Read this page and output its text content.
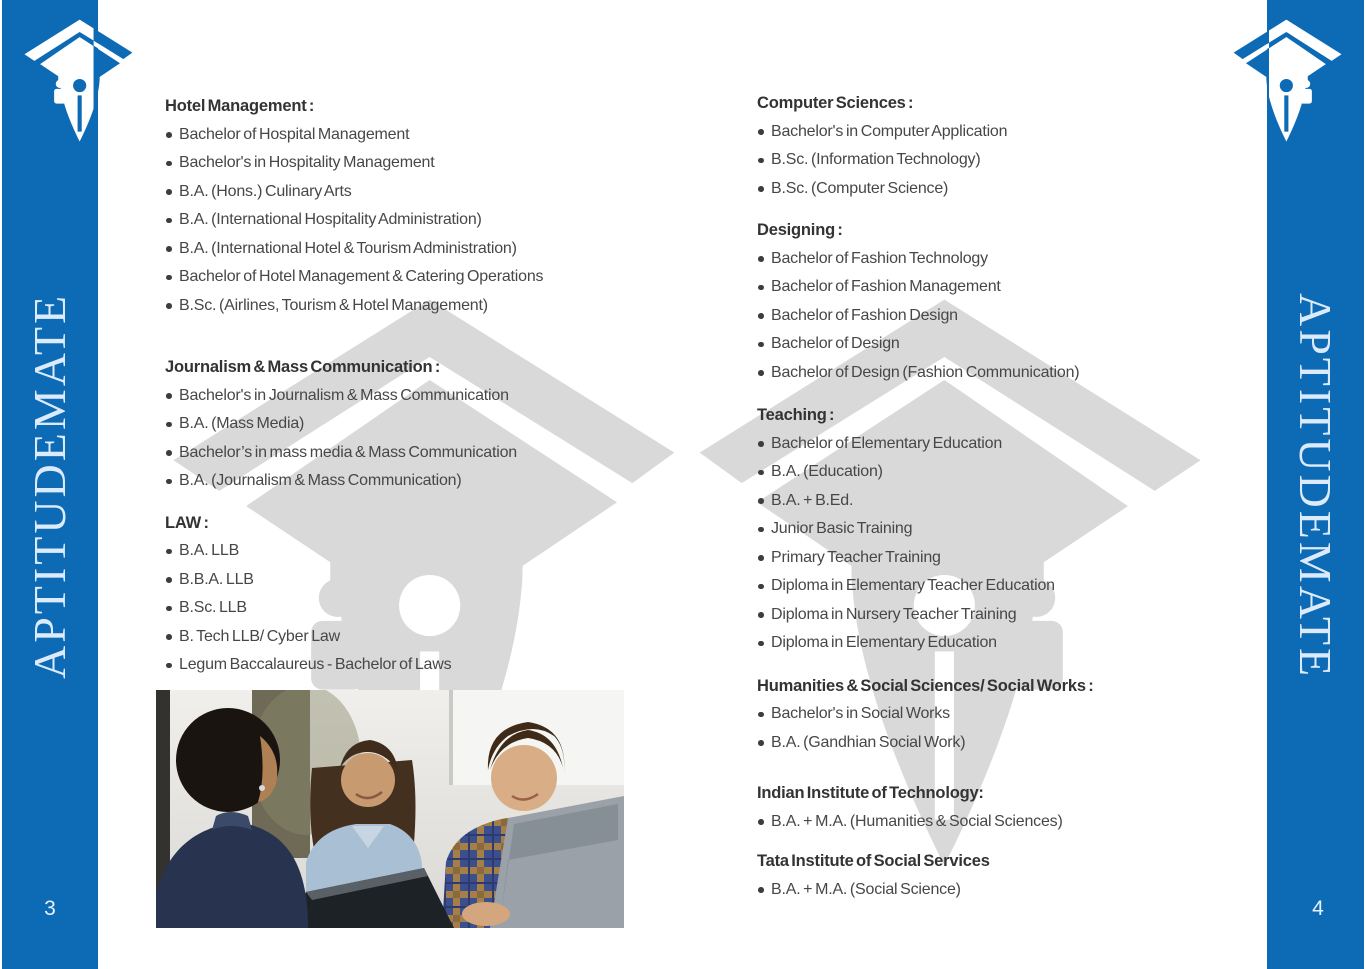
APTITUDEMATE	APTITUDEMATE
3	4
Hotel Management :
Bachelor of Hospital Management
Bachelor's in Hospitality Management
B.A. (Hons.) Culinary Arts
B.A. (International Hospitality Administration)
B.A. (International Hotel & Tourism Administration)
Bachelor of Hotel Management & Catering Operations
B.Sc. (Airlines, Tourism & Hotel Management)
Journalism & Mass Communication :
Bachelor's in Journalism & Mass Communication
B.A. (Mass Media)
Bachelor’s in mass media & Mass Communication
B.A. (Journalism & Mass Communication)
LAW :
B.A. LLB
B.B.A. LLB
B.Sc. LLB
B. Tech LLB/ Cyber Law
Legum Baccalaureus - Bachelor of Laws
Computer Sciences :
Bachelor's in Computer Application
B.Sc. (Information Technology)
B.Sc. (Computer Science)
Designing :
Bachelor of Fashion Technology
Bachelor of Fashion Management
Bachelor of Fashion Design
Bachelor of Design
Bachelor of Design (Fashion Communication)
Teaching :
Bachelor of Elementary Education
B.A. (Education)
B.A. + B.Ed.
Junior Basic Training
Primary Teacher Training
Diploma in Elementary Teacher Education
Diploma in Nursery Teacher Training
Diploma in Elementary Education
Humanities & Social Sciences/ Social Works :
Bachelor's in Social Works
B.A. (Gandhian Social Work)
Indian Institute of Technology:
B.A. + M.A. (Humanities & Social Sciences)
Tata Institute of Social Services
B.A. + M.A. (Social Science)
